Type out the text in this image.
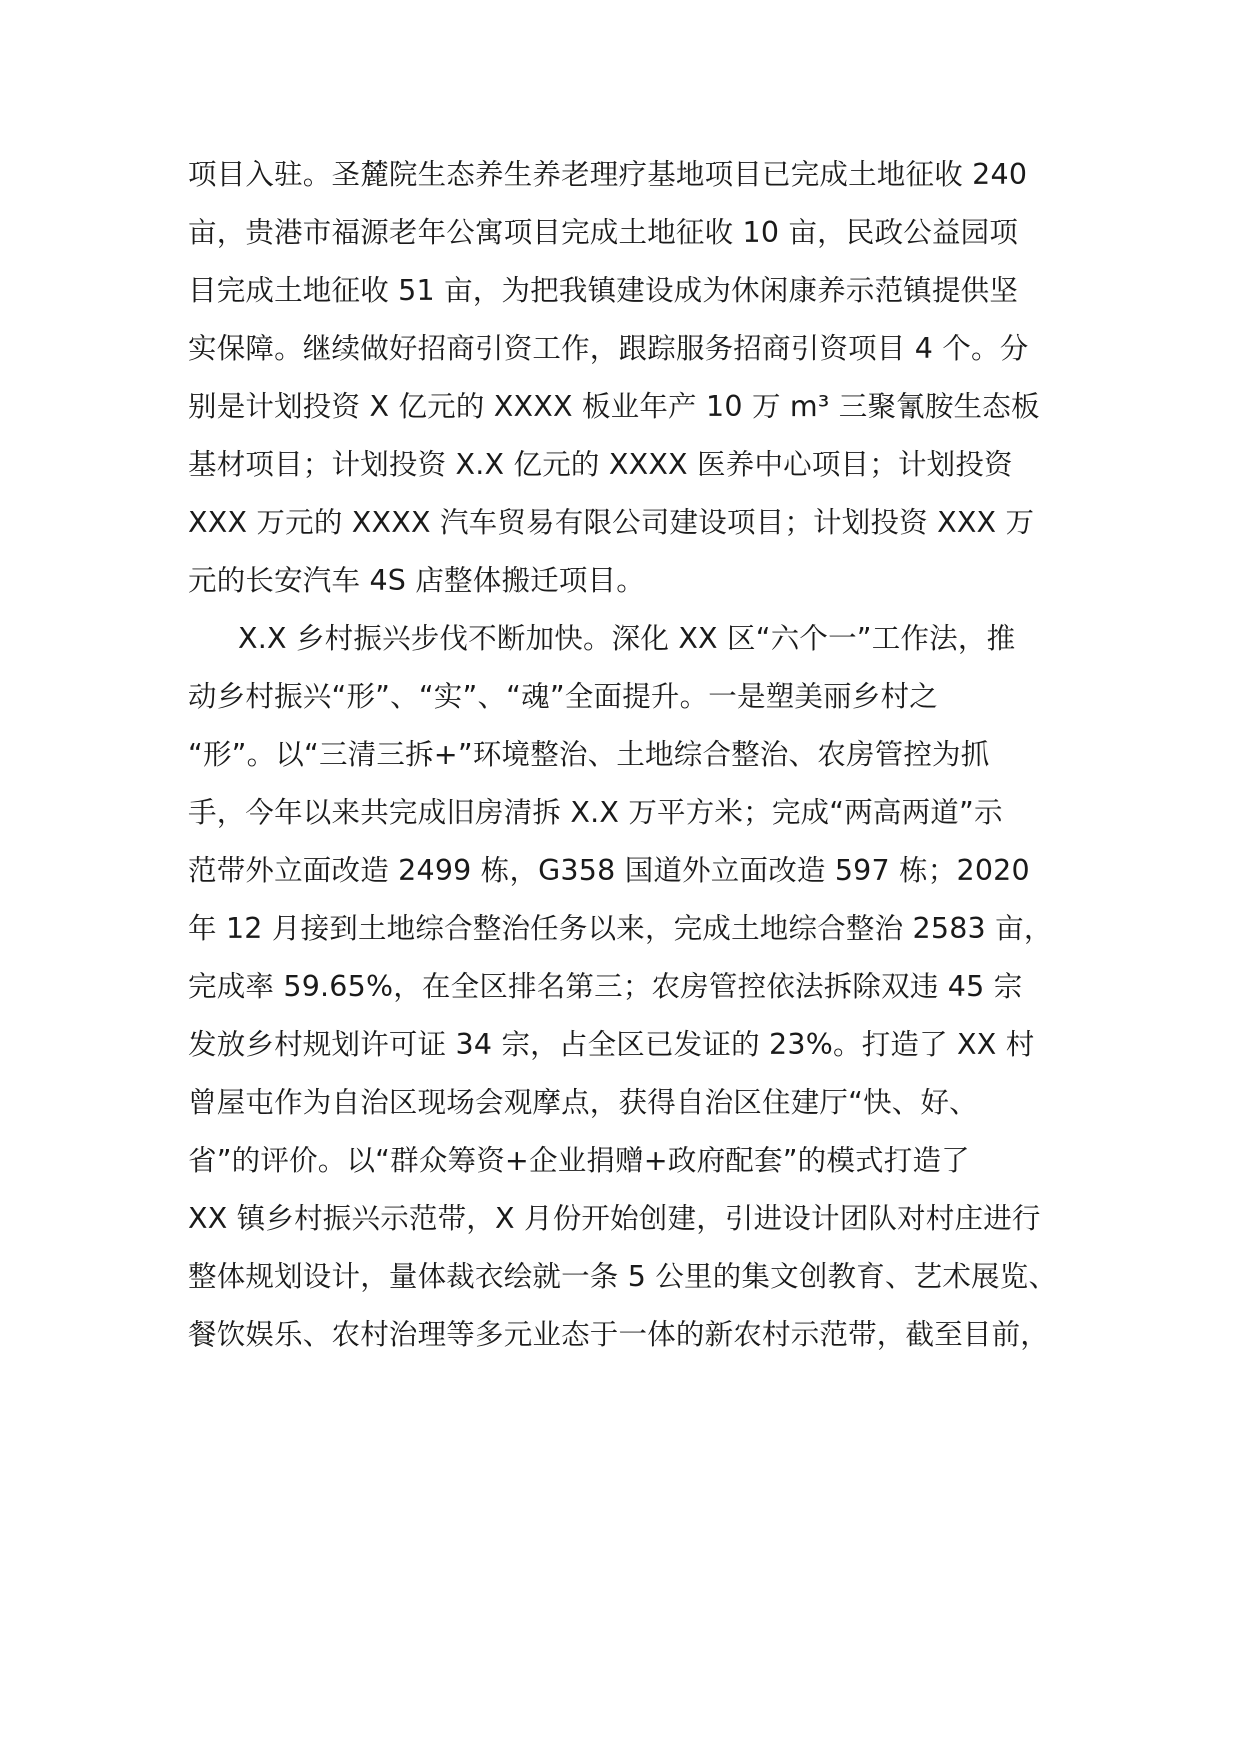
项目入驻。圣麓院生态养生养老理疗基地项目已完成土地征收 240
亩，贵港市福源老年公寓项目完成土地征收 10 亩，民政公益园项
目完成土地征收 51 亩，为把我镇建设成为休闲康养示范镇提供坚
实保障。继续做好招商引资工作，跟踪服务招商引资项目 4 个。分
别是计划投资 X 亿元的 XXXX 板业年产 10 万 m³ 三聚氰胺生态板
基材项目；计划投资 X.X 亿元的 XXXX 医养中心项目；计划投资
XXX 万元的 XXXX 汽车贸易有限公司建设项目；计划投资 XXX 万
元的长安汽车 4S 店整体搬迁项目。
X.X 乡村振兴步伐不断加快。深化 XX 区“六个一”工作法，推
动乡村振兴“形”、“实”、“魂”全面提升。一是塑美丽乡村之
“形”。以“三清三拆+”环境整治、土地综合整治、农房管控为抓
手，今年以来共完成旧房清拆 X.X 万平方米；完成“两高两道”示
范带外立面改造 2499 栋，G358 国道外立面改造 597 栋；2020
年 12 月接到土地综合整治任务以来，完成土地综合整治 2583 亩，
完成率 59.65%，在全区排名第三；农房管控依法拆除双违 45 宗
发放乡村规划许可证 34 宗，占全区已发证的 23%。打造了 XX 村
曾屋屯作为自治区现场会观摩点，获得自治区住建厅“快、好、
省”的评价。以“群众筹资+企业捐赠+政府配套”的模式打造了
XX 镇乡村振兴示范带，X 月份开始创建，引进设计团队对村庄进行
整体规划设计，量体裁衣绘就一条 5 公里的集文创教育、艺术展览、
餐饮娱乐、农村治理等多元业态于一体的新农村示范带，截至目前，
